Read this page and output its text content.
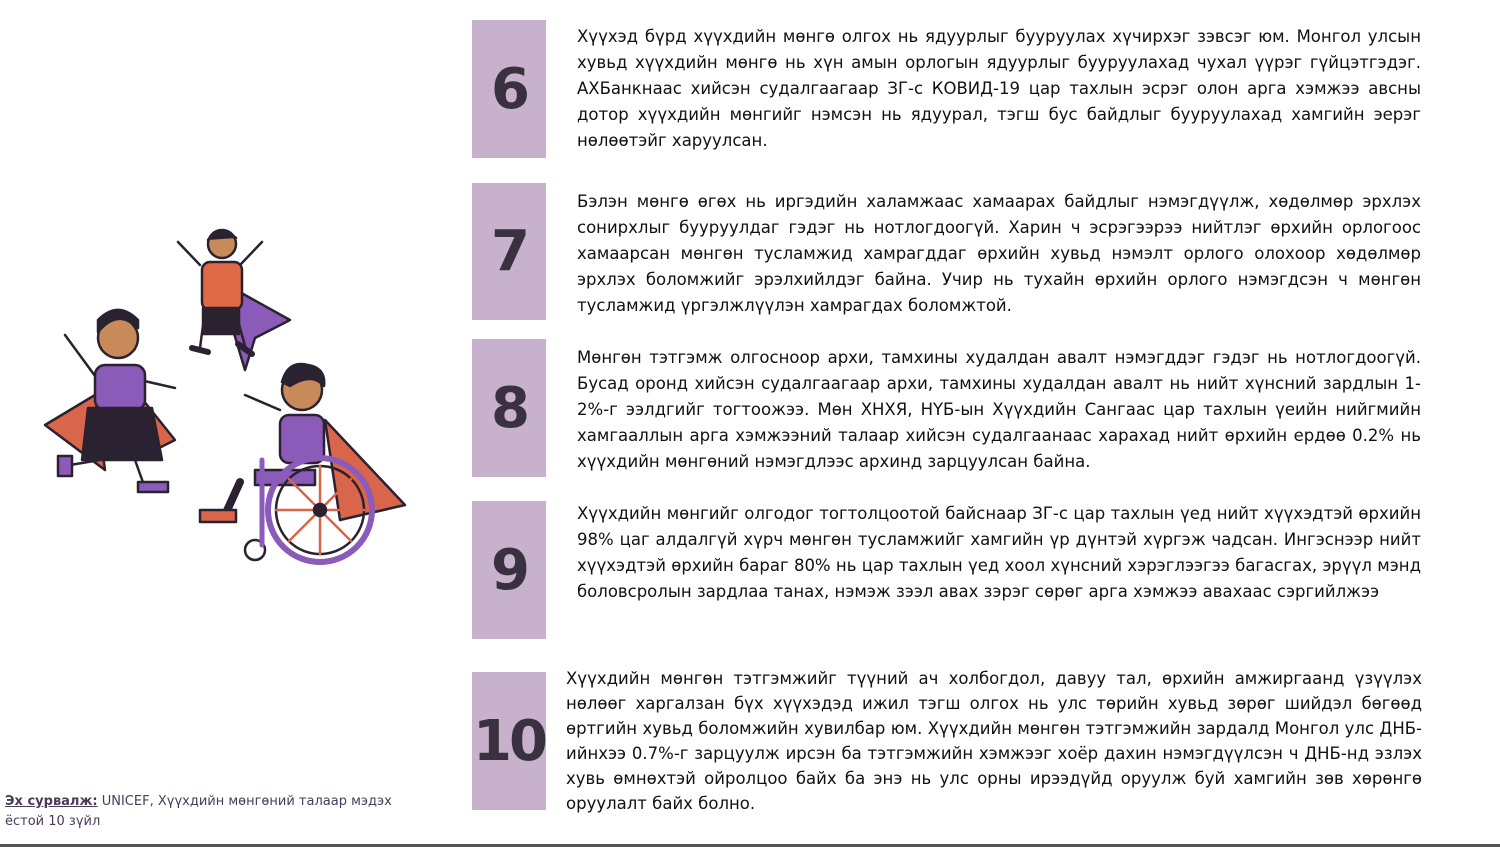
6
Хүүхэд бүрд хүүхдийн мөнгө олгох нь ядуурлыг бууруулах хүчирхэг зэвсэг юм. Монгол улсын хувьд хүүхдийн мөнгө нь хүн амын орлогын ядуурлыг бууруулахад чухал үүрэг гүйцэтгэдэг. АХБанкнаас хийсэн судалгаагаар ЗГ-с КОВИД-19 цар тахлын эсрэг олон арга хэмжээ авсны дотор хүүхдийн мөнгийг нэмсэн нь ядуурал, тэгш бус байдлыг бууруулахад хамгийн эерэг нөлөөтэйг харуулсан.
7
Бэлэн мөнгө өгөх нь иргэдийн халамжаас хамаарах байдлыг нэмэгдүүлж, хөдөлмөр эрхлэх сонирхлыг бууруулдаг гэдэг нь нотлогдоогүй. Харин ч эсрэгээрээ нийтлэг өрхийн орлогоос хамаарсан мөнгөн тусламжид хамрагддаг өрхийн хувьд нэмэлт орлого олохоор хөдөлмөр эрхлэх боломжийг эрэлхийлдэг байна. Учир нь тухайн өрхийн орлого нэмэгдсэн ч мөнгөн тусламжид үргэлжлүүлэн хамрагдах боломжтой.
8
Мөнгөн тэтгэмж олгосноор архи, тамхины худалдан авалт нэмэгддэг гэдэг нь нотлогдоогүй. Бусад оронд хийсэн судалгаагаар архи, тамхины худалдан авалт нь нийт хүнсний зардлын 1-2%-г ээлдгийг тогтоожээ. Мөн ХНХЯ, НҮБ-ын Хүүхдийн Сангаас цар тахлын үеийн нийгмийн хамгааллын арга хэмжээний талаар хийсэн судалгаанаас харахад нийт өрхийн ердөө 0.2% нь хүүхдийн мөнгөний нэмэгдлээс архинд зарцуулсан байна.
9
Хүүхдийн мөнгийг олгодог тогтолцоотой байснаар ЗГ-с цар тахлын үед нийт хүүхэдтэй өрхийн 98% цаг алдалгүй хүрч мөнгөн тусламжийг хамгийн үр дүнтэй хүргэж чадсан. Ингэснээр нийт хүүхэдтэй өрхийн бараг 80% нь цар тахлын үед хоол хүнсний хэрэглээгээ багасгах, эрүүл мэнд боловсролын зардлаа танах, нэмэж зээл авах зэрэг сөрөг арга хэмжээ авахаас сэргийлжээ
10
Хүүхдийн мөнгөн тэтгэмжийг түүний ач холбогдол, давуу тал, өрхийн амжиргаанд үзүүлэх нөлөөг харгалзан бүх хүүхэдэд ижил тэгш олгох нь улс төрийн хувьд зөрөг шийдэл бөгөөд өртгийн хувьд боломжийн хувилбар юм. Хүүхдийн мөнгөн тэтгэмжийн зардалд Монгол улс ДНБ-ийнхээ 0.7%-г зарцуулж ирсэн ба тэтгэмжийн хэмжээг хоёр дахин нэмэгдүүлсэн ч ДНБ-нд эзлэх хувь өмнөхтэй ойролцоо байх ба энэ нь улс орны ирээдүйд оруулж буй хамгийн зөв хөрөнгө оруулалт байх болно.
Эх сурвалж: UNICEF, Хүүхдийн мөнгөний талаар мэдэх ёстой 10 зүйл
